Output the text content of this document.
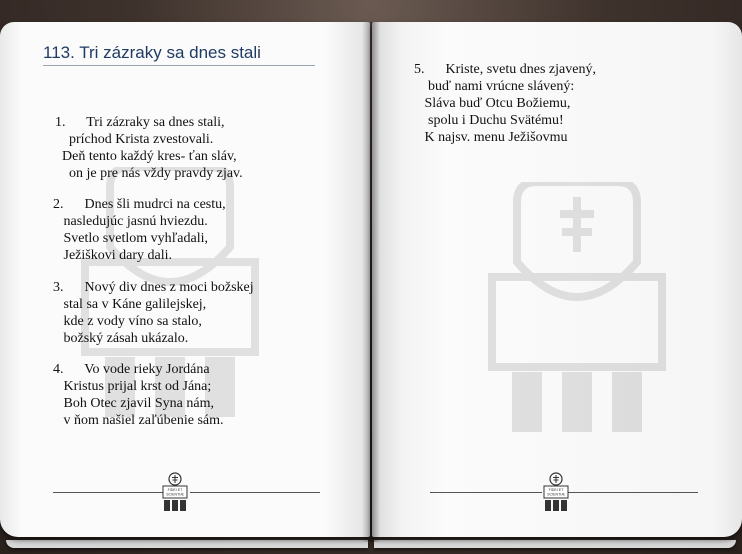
113. Tri zázraky sa dnes stali
1.      Tri zázraky sa dnes stali,
príchod Krista zvestovali.
Deň tento každý kres- ťan sláv,
on je pre nás vždy pravdy zjav.
2.      Dnes šli mudrci na cestu,
nasledujúc jasnú hviezdu.
Svetlo svetlom vyhľadali,
Ježiškovi dary dali.
3.      Nový div dnes z moci božskej
stal sa v Káne galilejskej,
kde z vody víno sa stalo,
božský zásah ukázalo.
4.      Vo vode rieky Jordána
Kristus prijal krst od Jána;
Boh Otec zjavil Syna nám,
v ňom našiel zaľúbenie sám.
FIDEI ET
SCIENTIÆ
5.      Kriste, svetu dnes zjavený,
buď nami vrúcne slávený:
Sláva buď Otcu Božiemu,
spolu i Duchu Svätému!
K najsv. menu Ježišovmu
FIDEI ET
SCIENTIÆ
